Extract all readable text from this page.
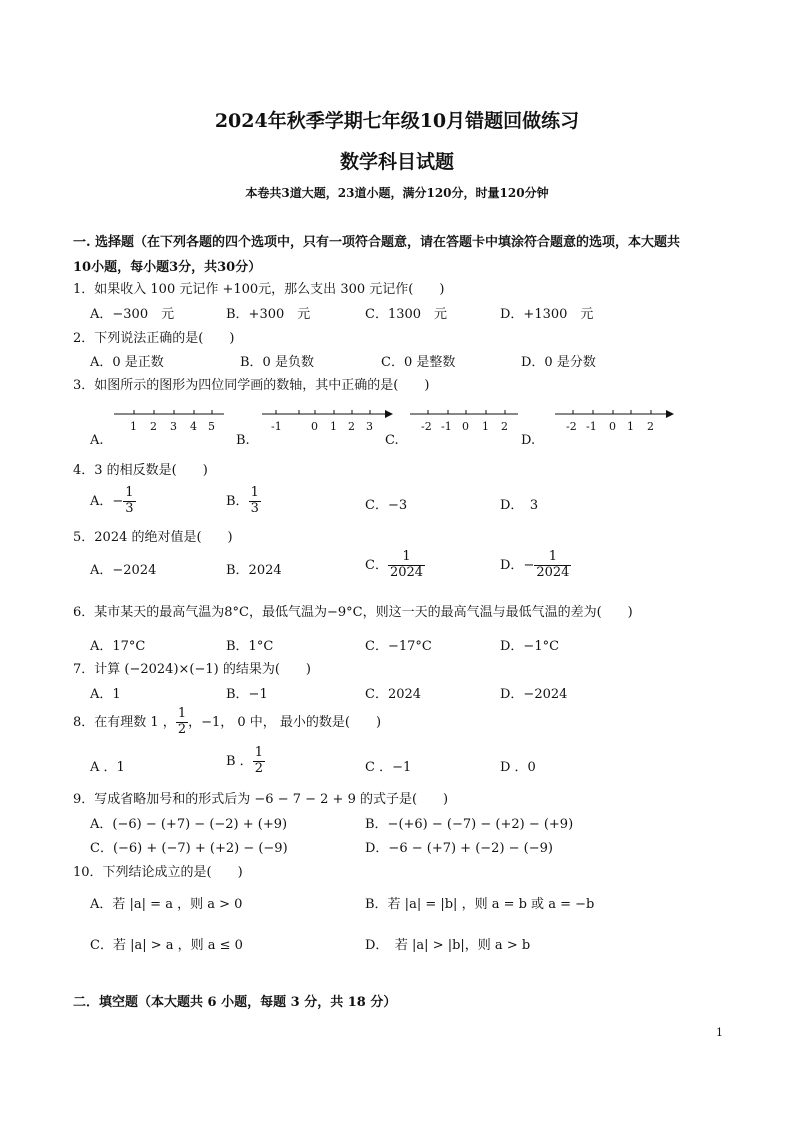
2024年秋季学期七年级10月错题回做练习
数学科目试题
本卷共3道大题，23道小题，满分120分，时量120分钟
一. 选择题（在下列各题的四个选项中，只有一项符合题意，请在答题卡中填涂符合题意的选项，本大题共
10小题，每小题3分，共30分）
1．如果收入 100 元记作 +100元，那么支出 300 元记作(　　)
A．−300　元	B．+300　元	C．1300　元	D．+1300　元
2．下列说法正确的是(　　)
A．0 是正数	B．0 是负数	C．0 是整数	D．0 是分数
3．如图所示的图形为四位同学画的数轴，其中正确的是(　　)
1 2 3 4 5	-1	0 1 2 3	-2 -1 0 1 2	-2 -1 0 1 2
A.	B.	C.	D.
4．3 的相反数是(　　)
A．− $\frac{1}{3}$	B． $\frac{1}{3}$	C．−3	D．　3
5．2024 的绝对值是(　　)
A．−2024	B．2024	C． $\frac{1}{2024}$	D．− $\frac{1}{2024}$
6．某市某天的最高气温为8°C，最低气温为−9°C，则这一天的最高气温与最低气温的差为(　　)
A．17°C	B．1°C	C．−17°C	D．−1°C
7．计算 (−2024)×(−1) 的结果为(　　)
A．1	B．−1	C．2024	D．−2024
8．在有理数 1 ， $\frac{1}{2}$ ，−1， 0 中， 最小的数是(　　)
A ．1	B ． $\frac{1}{2}$	C ．−1	D ．0
9．写成省略加号和的形式后为 −6 − 7 − 2 + 9 的式子是(　　)
A．(−6) − (+7) − (−2) + (+9)	B．−(+6) − (−7) − (+2) − (+9)
C．(−6) + (−7) + (+2) − (−9)	D．−6 − (+7) + (−2) − (−9)
10．下列结论成立的是(　　)
A．若 |a| = a ，则 a > 0	B．若 |a| = |b| ，则 a = b 或 a = −b
C．若 |a| > a ，则 a ≤ 0	D．　若 |a| > |b|，则 a > b
二．填空题（本大题共 6 小题，每题 3 分，共 18 分）
1
